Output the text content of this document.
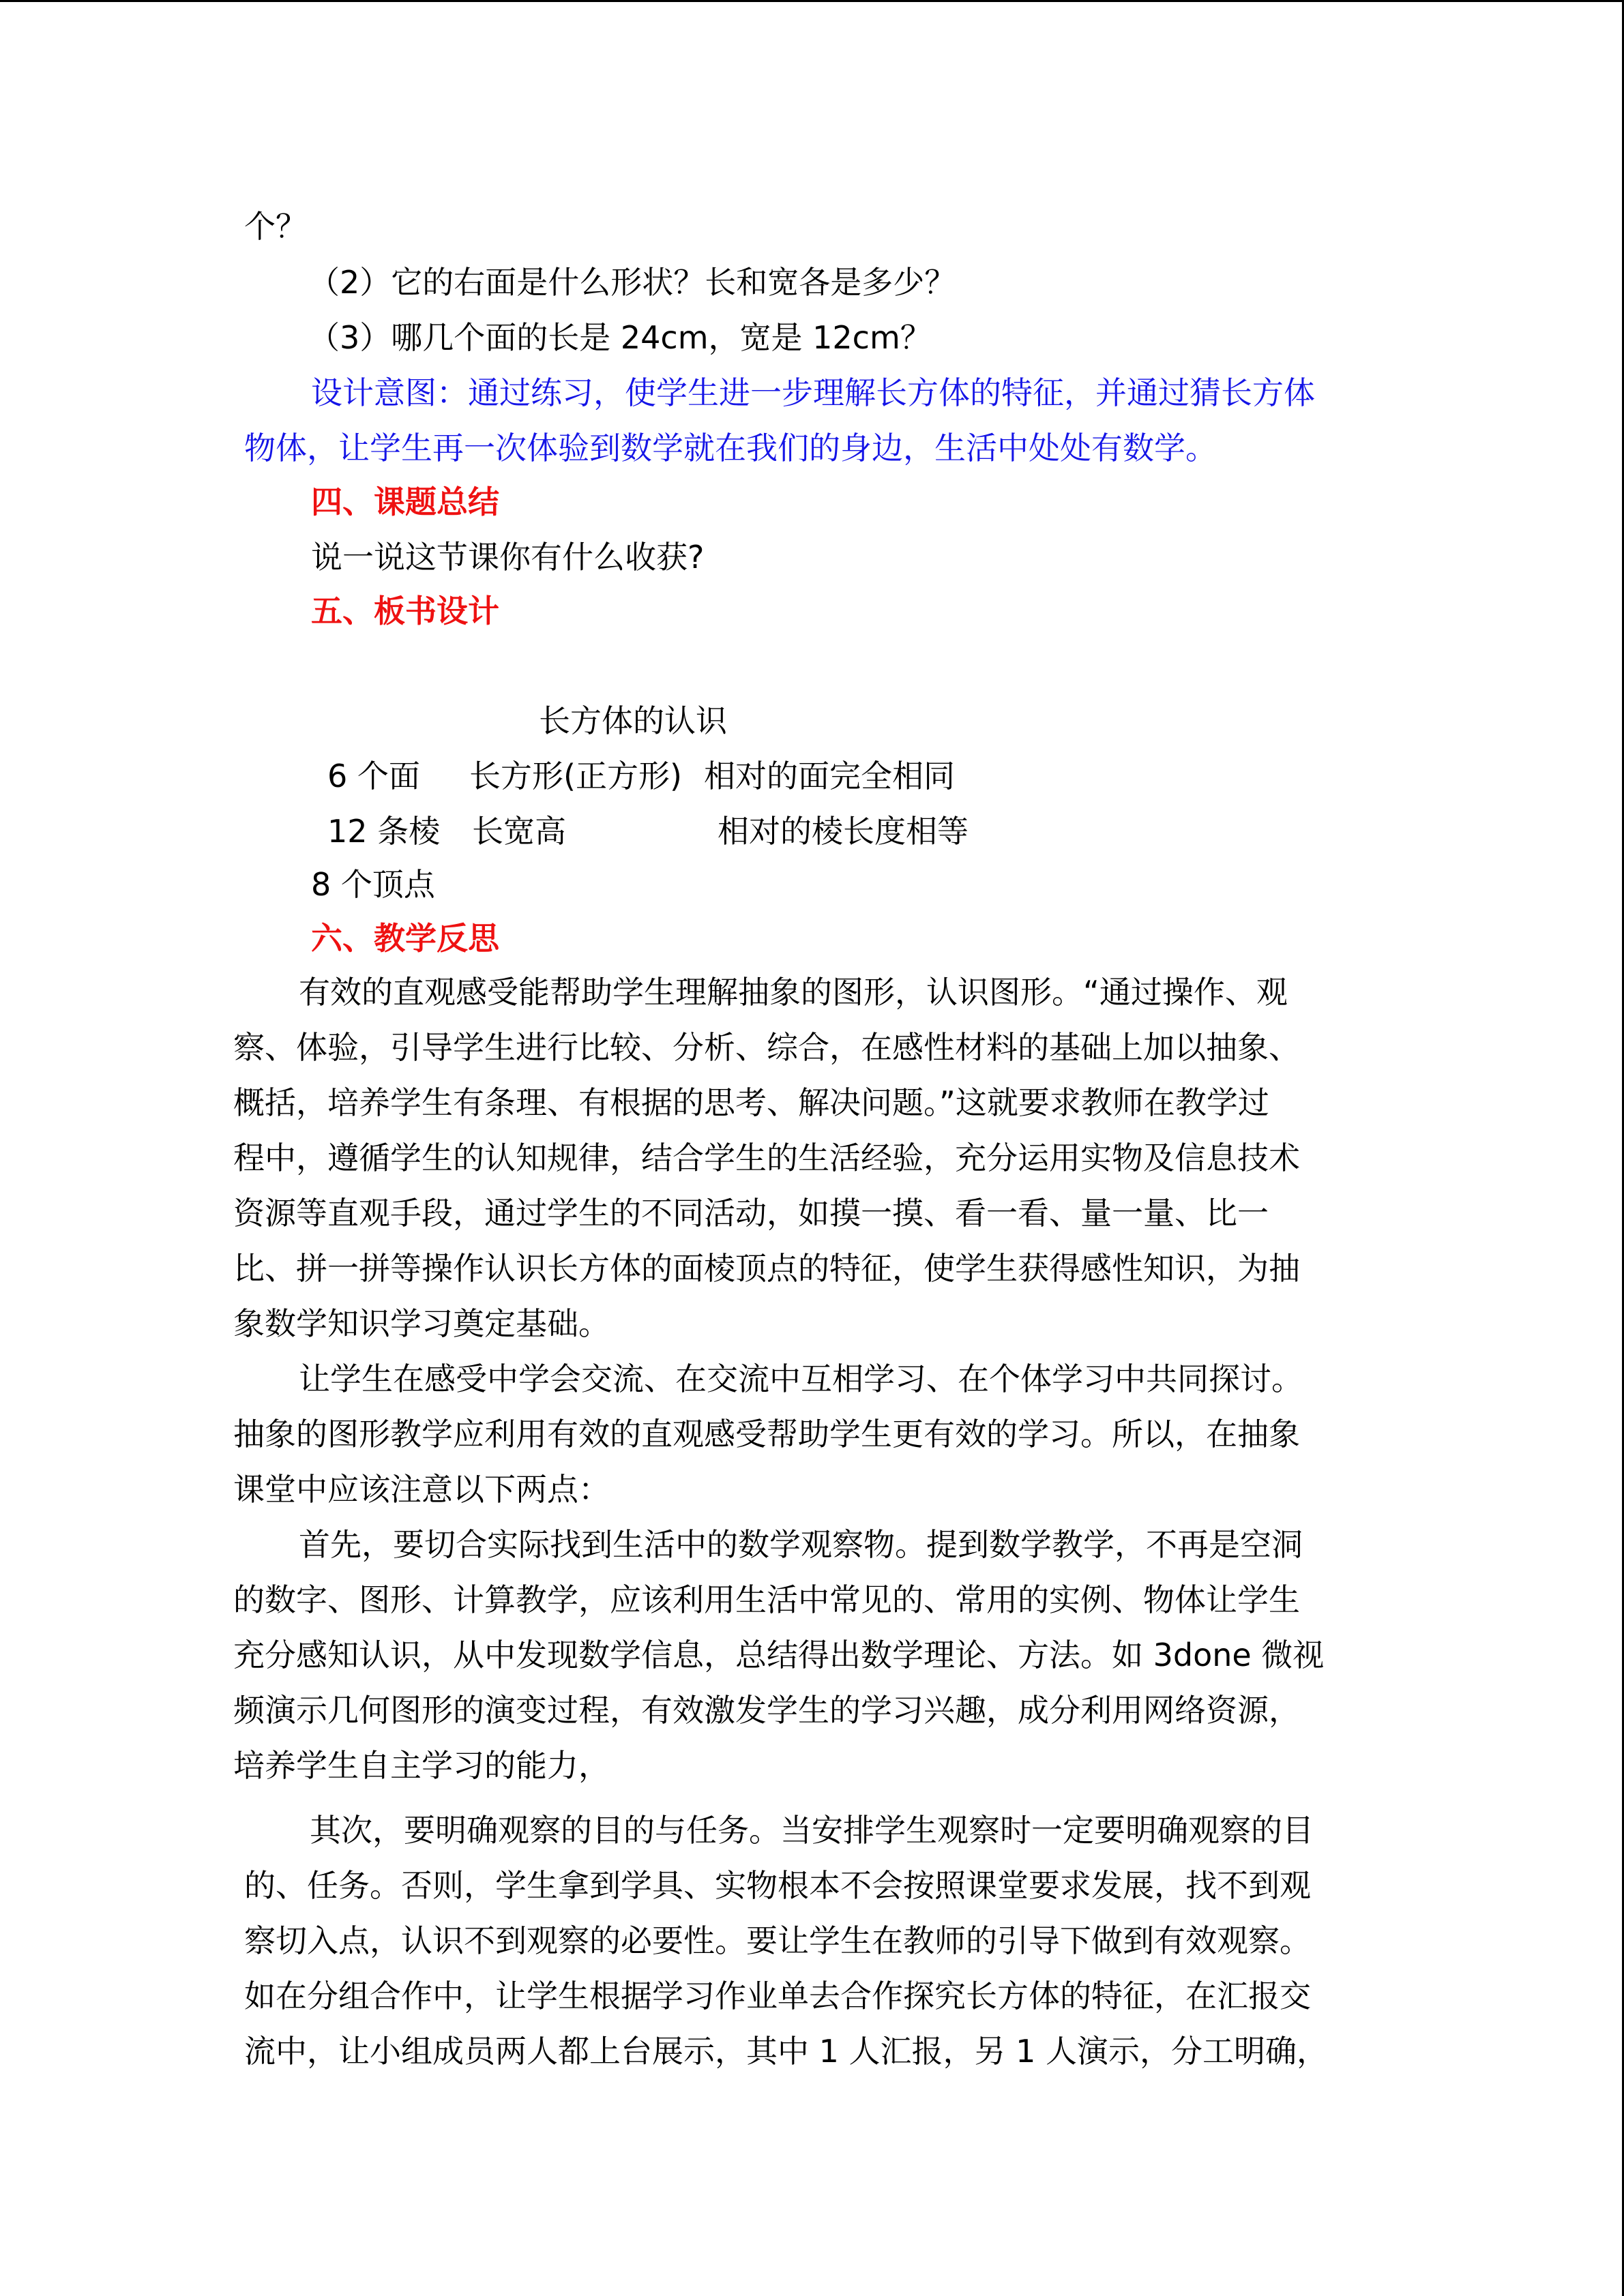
个？
（2）它的右面是什么形状？长和宽各是多少？
（3）哪几个面的长是 24cm，宽是 12cm？
设计意图：通过练习，使学生进一步理解长方体的特征，并通过猜长方体
物体，让学生再一次体验到数学就在我们的身边，生活中处处有数学。
四、课题总结
说一说这节课你有什么收获?
五、板书设计
长方体的认识
6 个面 长方形(正方形) 相对的面完全相同
12 条棱 长宽高	相对的棱长度相等
8 个顶点
六、教学反思
有效的直观感受能帮助学生理解抽象的图形，认识图形。“通过操作、观
察、体验，引导学生进行比较、分析、综合，在感性材料的基础上加以抽象、
概括，培养学生有条理、有根据的思考、解决问题。”这就要求教师在教学过
程中，遵循学生的认知规律，结合学生的生活经验，充分运用实物及信息技术
资源等直观手段，通过学生的不同活动，如摸一摸、看一看、量一量、比一
比、拼一拼等操作认识长方体的面棱顶点的特征，使学生获得感性知识，为抽
象数学知识学习奠定基础。
让学生在感受中学会交流、在交流中互相学习、在个体学习中共同探讨。
抽象的图形教学应利用有效的直观感受帮助学生更有效的学习。所以，在抽象
课堂中应该注意以下两点：
首先，要切合实际找到生活中的数学观察物。提到数学教学，不再是空洞
的数字、图形、计算教学，应该利用生活中常见的、常用的实例、物体让学生
充分感知认识，从中发现数学信息，总结得出数学理论、方法。如 3done 微视
频演示几何图形的演变过程，有效激发学生的学习兴趣，成分利用网络资源，
培养学生自主学习的能力，
其次，要明确观察的目的与任务。当安排学生观察时一定要明确观察的目
的、任务。否则，学生拿到学具、实物根本不会按照课堂要求发展，找不到观
察切入点，认识不到观察的必要性。要让学生在教师的引导下做到有效观察。
如在分组合作中，让学生根据学习作业单去合作探究长方体的特征，在汇报交
流中，让小组成员两人都上台展示，其中 1 人汇报，另 1 人演示，分工明确，
